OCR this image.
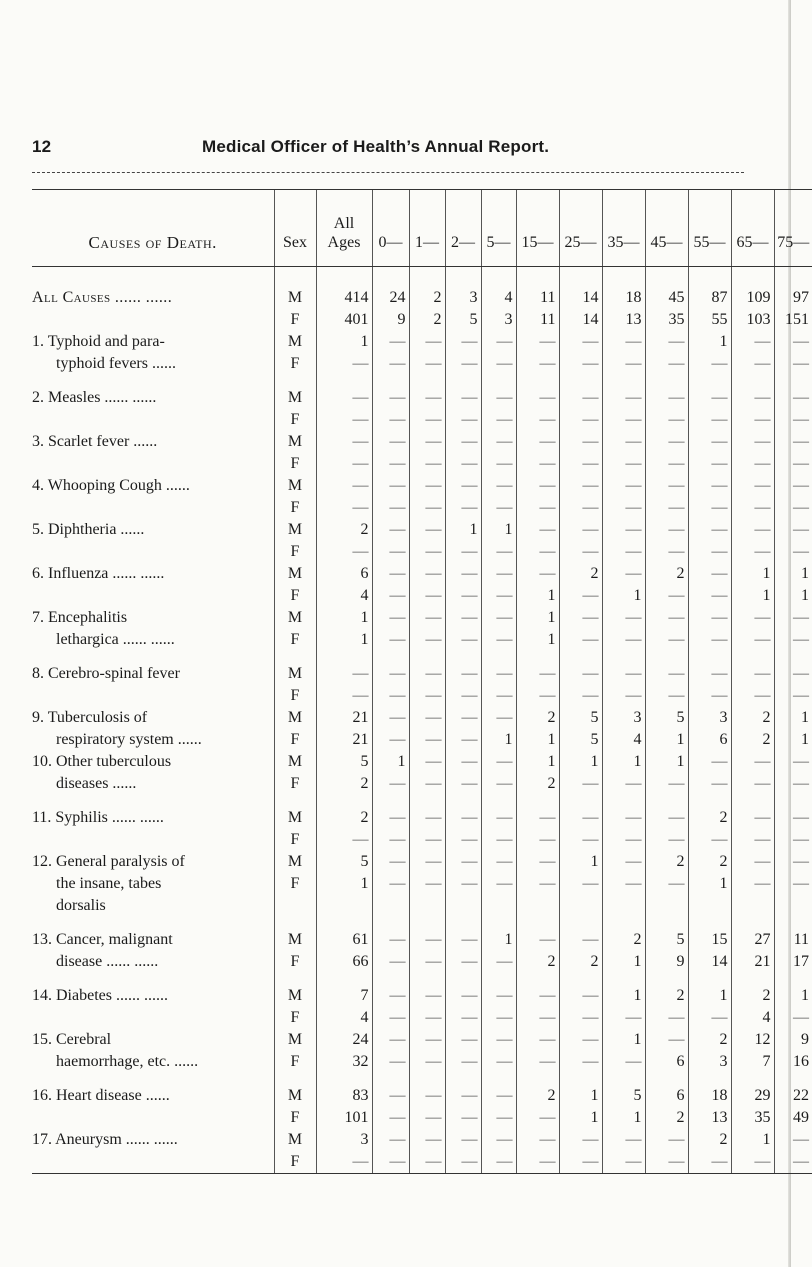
12	Medical Officer of Health’s Annual Report.
Causes of Death.	Sex	All Ages	0—	1—	2—	5—	15—	25—	35—	45—	55—	65—	75—

All Causes ...... ......	M	414	24	2	3	4	11	14	18	45	87	109	97
	F	401	9	2	5	3	11	14	13	35	55	103	151
1. Typhoid and para-	M	1	—	—	—	—	—	—	—	—	1	—	—
typhoid fevers ......	F	—	—	—	—	—	—	—	—	—	—	—	—

2. Measles ...... ......	M	—	—	—	—	—	—	—	—	—	—	—	—
	F	—	—	—	—	—	—	—	—	—	—	—	—
3. Scarlet fever ......	M	—	—	—	—	—	—	—	—	—	—	—	—
	F	—	—	—	—	—	—	—	—	—	—	—	—
4. Whooping Cough ......	M	—	—	—	—	—	—	—	—	—	—	—	—
	F	—	—	—	—	—	—	—	—	—	—	—	—
5. Diphtheria ......	M	2	—	—	1	1	—	—	—	—	—	—	—
	F	—	—	—	—	—	—	—	—	—	—	—	—
6. Influenza ...... ......	M	6	—	—	—	—	—	2	—	2	—	1	1
	F	4	—	—	—	—	1	—	1	—	—	1	1
7. Encephalitis	M	1	—	—	—	—	1	—	—	—	—	—	—
lethargica ...... ......	F	1	—	—	—	—	1	—	—	—	—	—	—

8. Cerebro-spinal fever	M	—	—	—	—	—	—	—	—	—	—	—	—
	F	—	—	—	—	—	—	—	—	—	—	—	—
9. Tuberculosis of	M	21	—	—	—	—	2	5	3	5	3	2	1
respiratory system ......	F	21	—	—	—	1	1	5	4	1	6	2	1
10. Other tuberculous	M	5	1	—	—	—	1	1	1	1	—	—	—
diseases ......	F	2	—	—	—	—	2	—	—	—	—	—	—

11. Syphilis ...... ......	M	2	—	—	—	—	—	—	—	—	2	—	—
	F	—	—	—	—	—	—	—	—	—	—	—	—
12. General paralysis of	M	5	—	—	—	—	—	1	—	2	2	—	—
the insane, tabes	F	1	—	—	—	—	—	—	—	—	1	—	—
dorsalis													

13. Cancer, malignant	M	61	—	—	—	1	—	—	2	5	15	27	11
disease ...... ......	F	66	—	—	—	—	2	2	1	9	14	21	17

14. Diabetes ...... ......	M	7	—	—	—	—	—	—	1	2	1	2	1
	F	4	—	—	—	—	—	—	—	—	—	4	—
15. Cerebral	M	24	—	—	—	—	—	—	1	—	2	12	9
haemorrhage, etc. ......	F	32	—	—	—	—	—	—	—	6	3	7	16

16. Heart disease ......	M	83	—	—	—	—	2	1	5	6	18	29	22
	F	101	—	—	—	—	—	1	1	2	13	35	49
17. Aneurysm ...... ......	M	3	—	—	—	—	—	—	—	—	2	1	—
	F	—	—	—	—	—	—	—	—	—	—	—	—
